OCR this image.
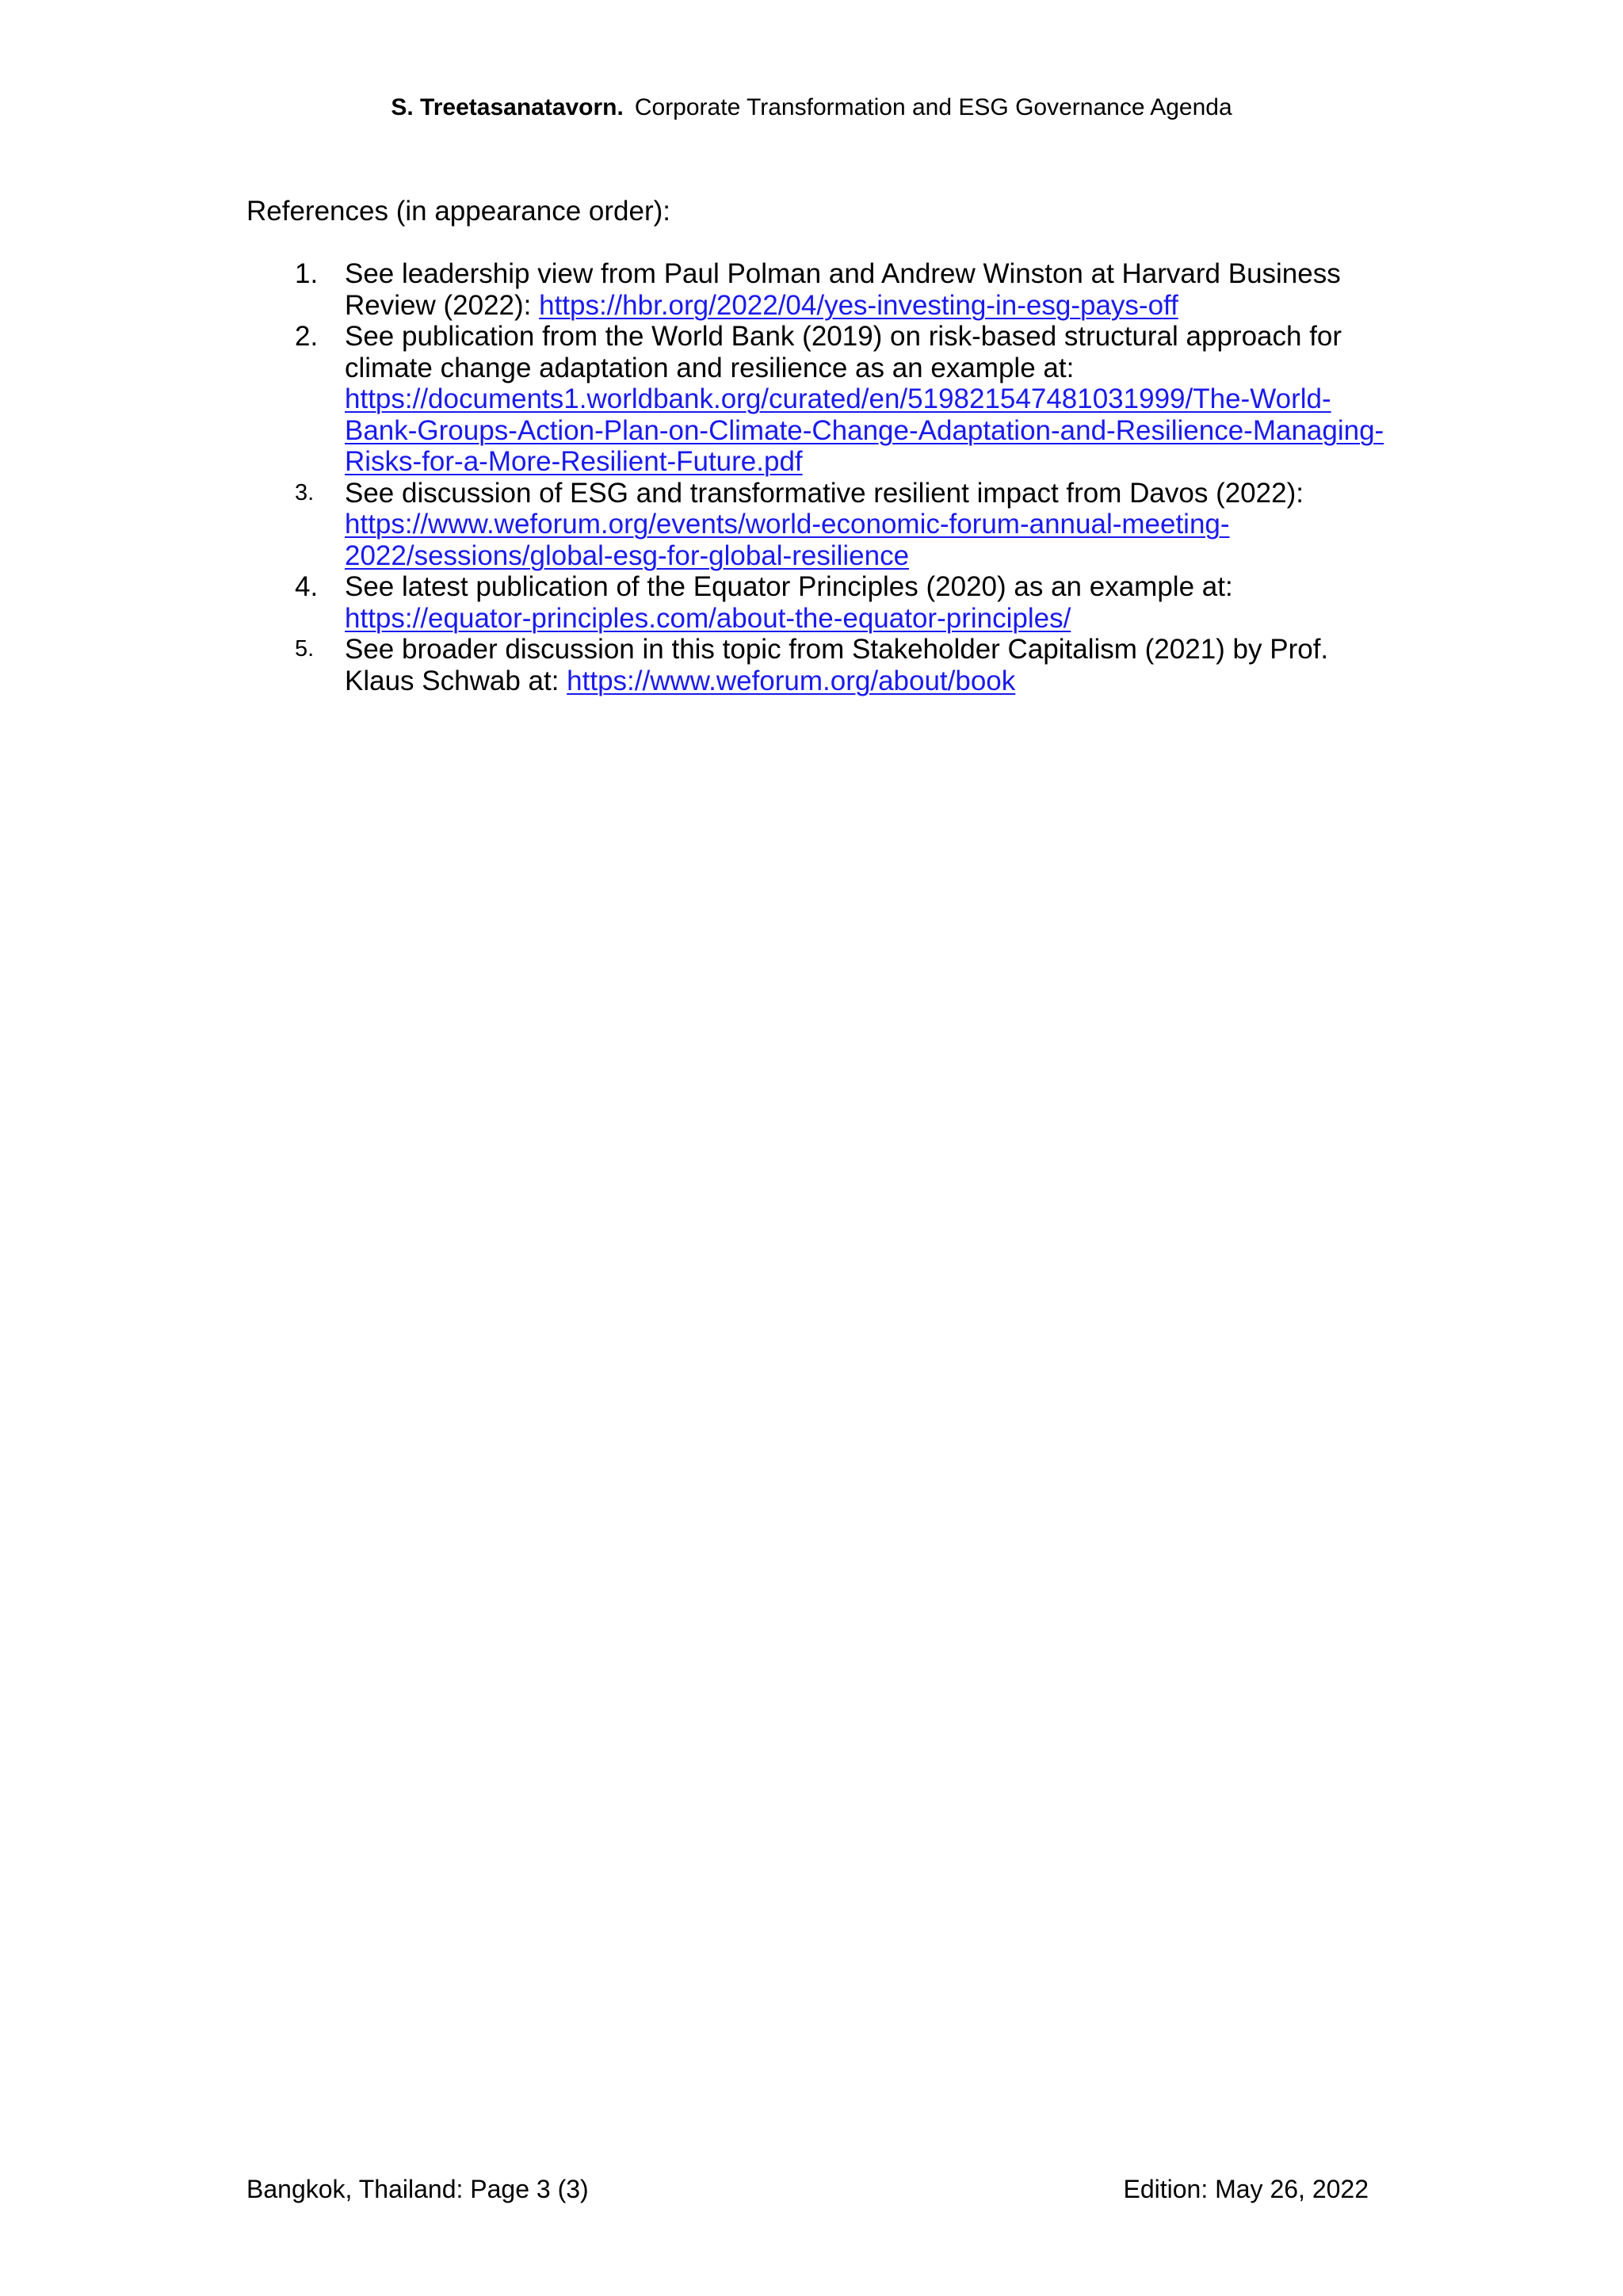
S. Treetasanatavorn. Corporate Transformation and ESG Governance Agenda
References (in appearance order):
1. See leadership view from Paul Polman and Andrew Winston at Harvard Business
Review (2022): https://hbr.org/2022/04/yes-investing-in-esg-pays-off
2. See publication from the World Bank (2019) on risk-based structural approach for
climate change adaptation and resilience as an example at:
https://documents1.worldbank.org/curated/en/519821547481031999/The-World-
Bank-Groups-Action-Plan-on-Climate-Change-Adaptation-and-Resilience-Managing-
Risks-for-a-More-Resilient-Future.pdf
3. See discussion of ESG and transformative resilient impact from Davos (2022):
https://www.weforum.org/events/world-economic-forum-annual-meeting-
2022/sessions/global-esg-for-global-resilience
4. See latest publication of the Equator Principles (2020) as an example at:
https://equator-principles.com/about-the-equator-principles/
5. See broader discussion in this topic from Stakeholder Capitalism (2021) by Prof.
Klaus Schwab at: https://www.weforum.org/about/book
Bangkok, Thailand: Page 3 (3)	Edition: May 26, 2022
